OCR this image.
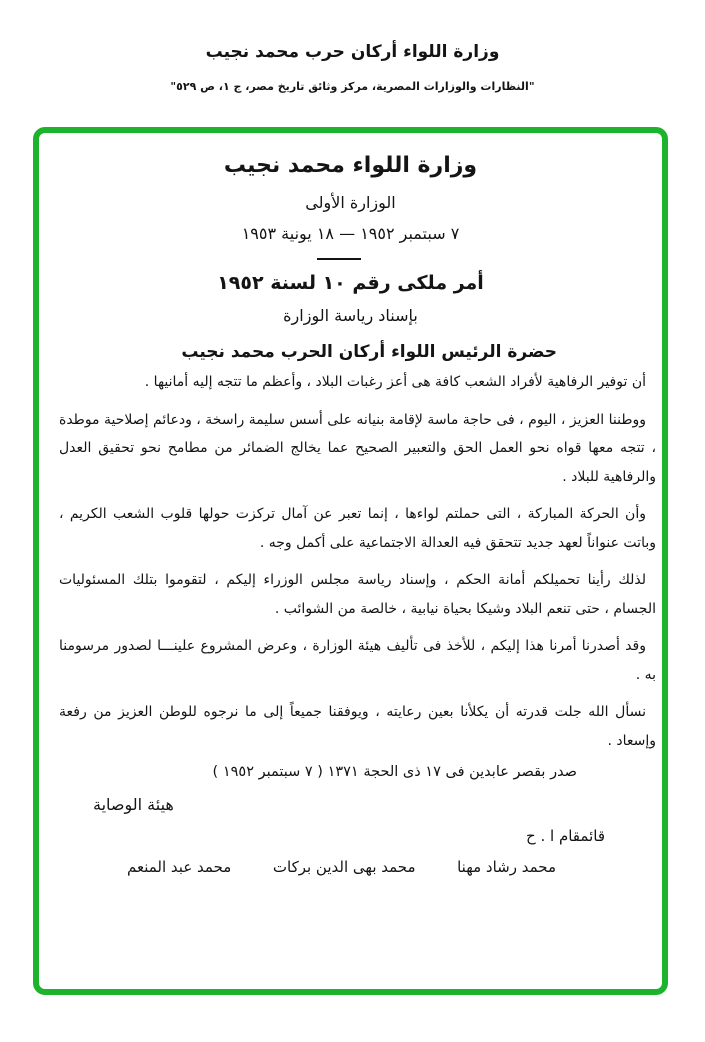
وزارة اللواء أركان حرب محمد نجيب
"النظارات والوزارات المصرية، مركز وثائق تاريخ مصر، ج ١، ص ٥٢٩"
وزارة اللواء محمد نجيب
الوزارة الأولى
٧ سبتمبر ١٩٥٢ — ١٨ يونية ١٩٥٣
أمر ملكى رقم ١٠ لسنة ١٩٥٢
بإسناد رياسة الوزارة
حضرة الرئيس اللواء أركان الحرب محمد نجيب

أن توفير الرفاهية لأفراد الشعب كافة هى أعز رغبات البلاد ، وأعظم ما تتجه إليه أمانيها .

ووطننا العزيز ، اليوم ، فى حاجة ماسة لإقامة بنيانه على أسس سليمة راسخة ، ودعائم إصلاحية موطدة ، تتجه معها قواه نحو العمل الحق والتعبير الصحيح عما يخالج الضمائر من مطامح نحو تحقيق العدل والرفاهية للبلاد .

وأن الحركة المباركة ، التى حملتم لواءها ، إنما تعبر عن آمال تركزت حولها قلوب الشعب الكريم ، وباتت عنواناً لعهد جديد تتحقق فيه العدالة الاجتماعية على أكمل وجه .

لذلك رأينا تحميلكم أمانة الحكم ، وإسناد رياسة مجلس الوزراء إليكم ، لتقوموا بتلك المسئوليات الجسام ، حتى تنعم البلاد وشيكا بحياة نيابية ، خالصة من الشوائب .

وقد أصدرنا أمرنا هذا إليكم ، للأخذ فى تأليف هيئة الوزارة ، وعرض المشروع علينـــا لصدور مرسومنا به .

نسأل الله جلت قدرته أن يكلأنا بعين رعايته ، ويوفقنا جميعاً إلى ما نرجوه للوطن العزيز من رفعة وإسعاد .

صدر بقصر عابدين فى ١٧ ذى الحجة ١٣٧١ ( ٧ سبتمبر ١٩٥٢ )
هيئة الوصاية
قائمقام ا . ح
محمد رشاد مهنا
محمد بهى الدين بركات
محمد عبد المنعم
